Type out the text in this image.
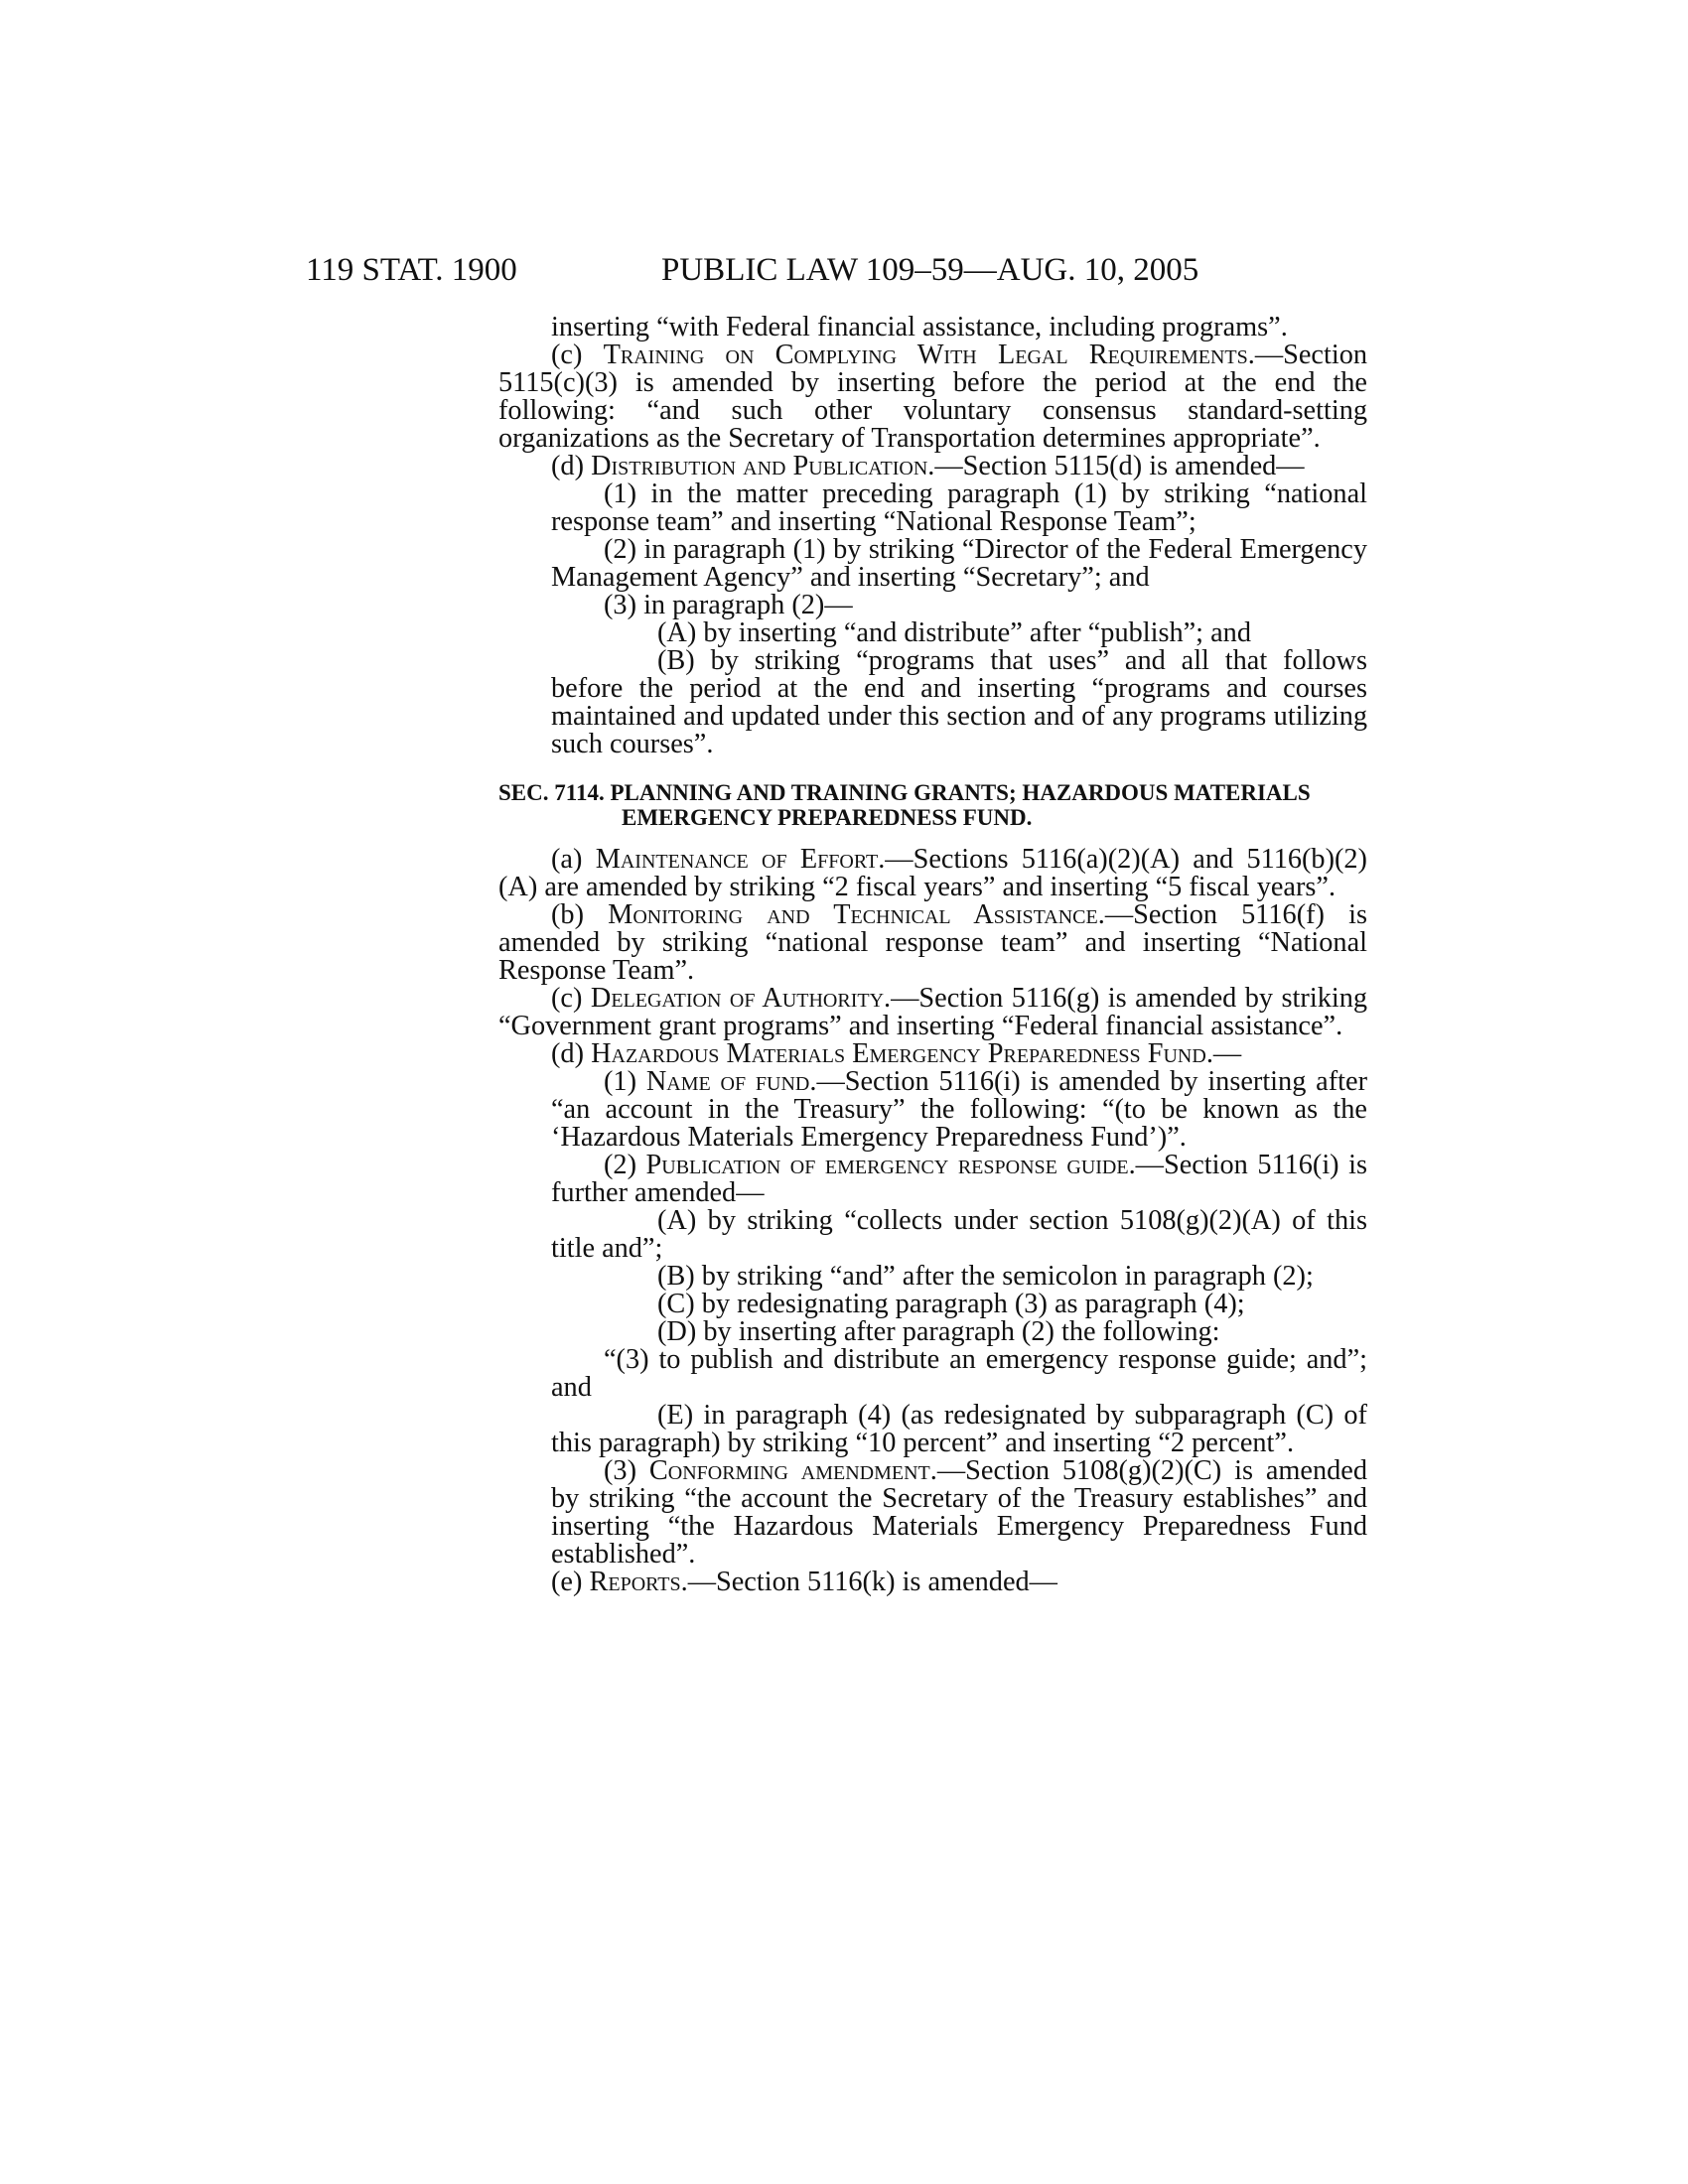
119 STAT. 1900	PUBLIC LAW 109–59—AUG. 10, 2005

inserting “with Federal financial assistance, including programs”.

(c) Training on Complying With Legal Requirements.—Section 5115(c)(3) is amended by inserting before the period at the end the following: “and such other voluntary consensus standard-setting organizations as the Secretary of Transportation determines appropriate”.

(d) Distribution and Publication.—Section 5115(d) is amended—

(1) in the matter preceding paragraph (1) by striking “national response team” and inserting “National Response Team”;

(2) in paragraph (1) by striking “Director of the Federal Emergency Management Agency” and inserting “Secretary”; and

(3) in paragraph (2)—

(A) by inserting “and distribute” after “publish”; and

(B) by striking “programs that uses” and all that follows before the period at the end and inserting “programs and courses maintained and updated under this section and of any programs utilizing such courses”.

SEC. 7114. PLANNING AND TRAINING GRANTS; HAZARDOUS MATERIALS EMERGENCY PREPAREDNESS FUND.

(a) Maintenance of Effort.—Sections 5116(a)(2)(A) and 5116(b)(2)(A) are amended by striking “2 fiscal years” and inserting “5 fiscal years”.

(b) Monitoring and Technical Assistance.—Section 5116(f) is amended by striking “national response team” and inserting “National Response Team”.

(c) Delegation of Authority.—Section 5116(g) is amended by striking “Government grant programs” and inserting “Federal financial assistance”.

(d) Hazardous Materials Emergency Preparedness Fund.—

(1) Name of fund.—Section 5116(i) is amended by inserting after “an account in the Treasury” the following: “(to be known as the ‘Hazardous Materials Emergency Preparedness Fund’)”.

(2) Publication of emergency response guide.—Section 5116(i) is further amended—

(A) by striking “collects under section 5108(g)(2)(A) of this title and”;

(B) by striking “and” after the semicolon in paragraph (2);

(C) by redesignating paragraph (3) as paragraph (4);

(D) by inserting after paragraph (2) the following:

“(3) to publish and distribute an emergency response guide; and”; and

(E) in paragraph (4) (as redesignated by subparagraph (C) of this paragraph) by striking “10 percent” and inserting “2 percent”.

(3) Conforming amendment.—Section 5108(g)(2)(C) is amended by striking “the account the Secretary of the Treasury establishes” and inserting “the Hazardous Materials Emergency Preparedness Fund established”.

(e) Reports.—Section 5116(k) is amended—
